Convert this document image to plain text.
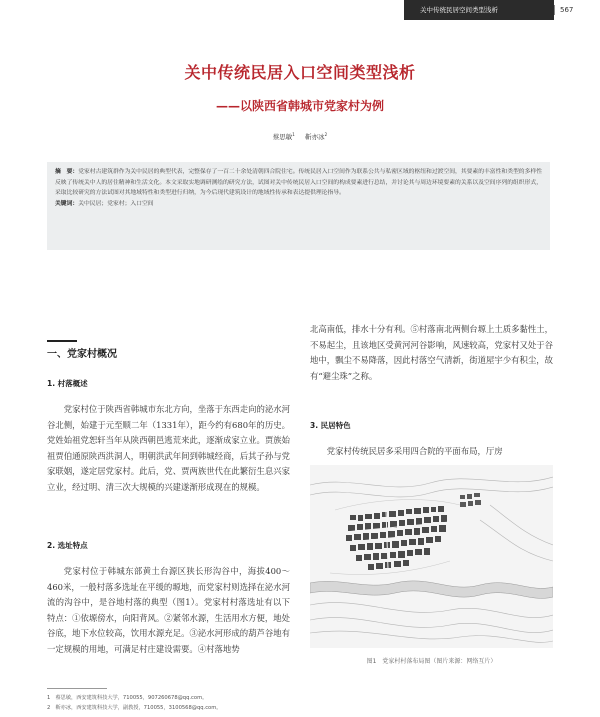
关中传统民居空间类型浅析	567
关中传统民居入口空间类型浅析
——以陕西省韩城市党家村为例
蔡思敏$^1$ 靳亦冰$^2$
摘　要：党家村古建筑群作为关中民居的典型代表，完整保存了一百二十余处清朝四合院住宅。传统民居入口空间作为联系公共与私密区域的枢纽和过渡空间，其要素的丰富性和类型的多样性反映了传统关中人的居住精神和生活文化。本文采取实地调研测绘的研究方法，试图对关中传统民居入口空间的构成要素进行总结，并讨论其与周边环境要素的关系以及空间序列的组织形式，采取比较研究的方法试图对其地域特性和类型进行归纳，为今后现代建筑设计的地域性传承和表达提供理论指导。
关键词：关中民居；党家村；入口空间
一、党家村概况
1. 村落概述
党家村位于陕西省韩城市东北方向，坐落于东西走向的泌水河谷北侧，始建于元至顺二年（1331年），距今约有680年的历史。党姓始祖党恕轩当年从陕西朝邑逃荒来此，逐渐成家立业。贾族始祖贾伯通原陕西洪洞人，明朝洪武年间到韩城经商，后其子孙与党家联姻，遂定居党家村。此后，党、贾两族世代在此繁衍生息兴家立业，经过明、清三次大规模的兴建遂渐形成现在的规模。
2. 选址特点
党家村位于韩城东部黄土台源区狭长形沟谷中，海拔400～460米，一般村落多选址在平缓的塬地，而党家村则选择在泌水河流的沟谷中，是谷地村落的典型（图1）。党家村村落选址有以下特点：①依塬傍水，向阳背风。②紧邻水源，生活用水方便，地处谷底，地下水位较高，饮用水源充足。③泌水河形成的葫芦谷地有一定规模的用地，可满足村庄建设需要。④村落地势
北高南低，排水十分有利。⑤村落南北两侧台塬上土质多黏性土，不易起尘，且该地区受黄河河谷影响，风速较高，党家村又处于谷地中，飘尘不易降落，因此村落空气清新，街道屋宇少有积尘，故有“避尘珠”之称。
3. 民居特色
党家村传统民居多采用四合院的平面布局，厅房
图1　党家村村落布局图（图片来源：网络互片）
1　蔡思敏，西安建筑科技大学，710055，907260678@qq.com。
2　靳亦冰，西安建筑科技大学，副教授，710055，3100568@qq.com。
